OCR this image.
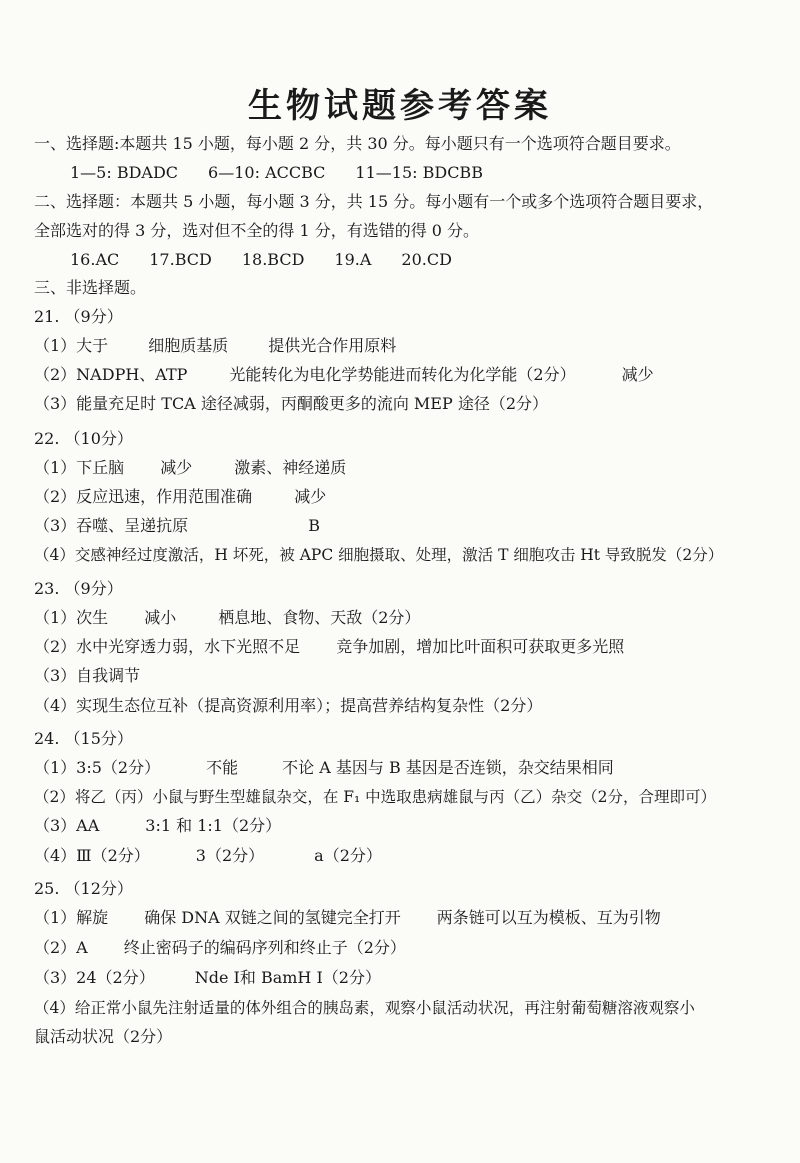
生物试题参考答案
一、选择题:本题共 15 小题，每小题 2 分，共 30 分。每小题只有一个选项符合题目要求。
1—5: BDADC 6—10: ACCBC 11—15: BDCBB
二、选择题：本题共 5 小题，每小题 3 分，共 15 分。每小题有一个或多个选项符合题目要求，
全部选对的得 3 分，选对但不全的得 1 分，有选错的得 0 分。
16.AC 17.BCD 18.BCD 19.A 20.CD
三、非选择题。
21. （9分）
（1）大于	细胞质基质	提供光合作用原料
（2）NADPH、ATP	光能转化为电化学势能进而转化为化学能（2分）	减少
（3）能量充足时 TCA 途径减弱，丙酮酸更多的流向 MEP 途径（2分）
22. （10分）
（1）下丘脑 减少	激素、神经递质
（2）反应迅速，作用范围准确	减少
（3）吞噬、呈递抗原	B
（4）交感神经过度激活，H 坏死，被 APC 细胞摄取、处理，激活 T 细胞攻击 Ht 导致脱发（2分）
23. （9分）
（1）次生 减小	栖息地、食物、天敌（2分）
（2）水中光穿透力弱，水下光照不足 竞争加剧，增加比叶面积可获取更多光照
（3）自我调节
（4）实现生态位互补（提高资源利用率）；提高营养结构复杂性（2分）
24. （15分）
（1）3:5（2分）	不能	不论 A 基因与 B 基因是否连锁，杂交结果相同
（2）将乙（丙）小鼠与野生型雄鼠杂交，在 F₁ 中选取患病雄鼠与丙（乙）杂交（2分，合理即可）
（3）AA	3:1 和 1:1（2分）
（4）Ⅲ（2分）	3（2分）	a（2分）
25. （12分）
（1）解旋 确保 DNA 双链之间的氢键完全打开 两条链可以互为模板、互为引物
（2）A 终止密码子的编码序列和终止子（2分）
（3）24（2分）	Nde Ⅰ和 BamH Ⅰ（2分）
（4）给正常小鼠先注射适量的体外组合的胰岛素，观察小鼠活动状况，再注射葡萄糖溶液观察小
鼠活动状况（2分）
